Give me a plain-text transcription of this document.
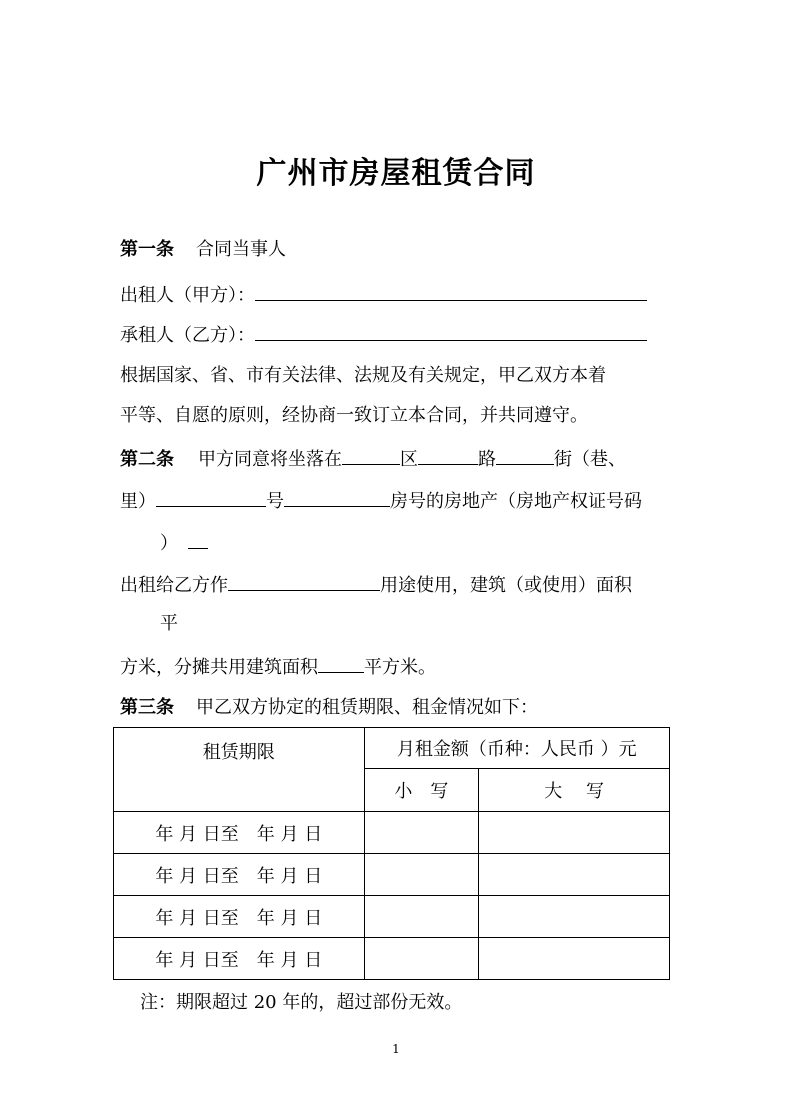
广州市房屋租赁合同
第一条 合同当事人
出租人（甲方）：
承租人（乙方）：
根据国家、省、市有关法律、法规及有关规定，甲乙双方本着
平等、自愿的原则，经协商一致订立本合同，并共同遵守。
第二条 甲方同意将坐落在	区	路	街（巷、
里）	号	房号的房地产（房地产权证号码
）
出租给乙方作	用途使用，建筑（或使用）面积
平
方米，分摊共用建筑面积	平方米。
第三条 甲乙双方协定的租赁期限、租金情况如下：
租赁期限	月租金额（币种：人民币 ）元	
	小　写	大　 写
年 月 日至　年 月 日		
年 月 日至　年 月 日		
年 月 日至　年 月 日		
年 月 日至　年 月 日		
注：期限超过 20 年的，超过部份无效。
1
